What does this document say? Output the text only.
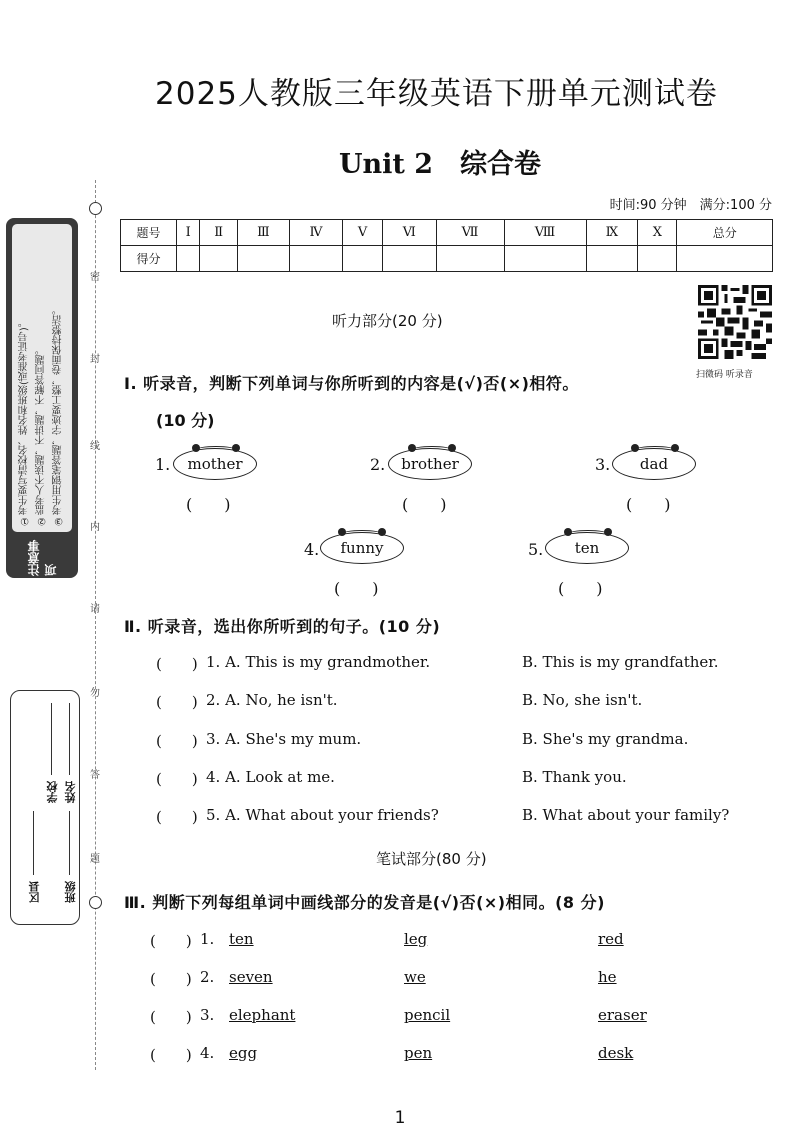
密
封
线
内
请
勿
答
题
①考生要写清校名、姓名和班级(或准考证号)。 ②监考人不读题，不讲题，不解答问题。 ③考生用钢笔答题，字迹要工整，卷面保持整洁。
注意事项
学校 姓名
区县 班级
2025人教版三年级英语下册单元测试卷
Unit 2　综合卷
时间:90 分钟　满分:100 分
题号	Ⅰ	Ⅱ	Ⅲ	Ⅳ	Ⅴ	Ⅵ	Ⅶ	Ⅷ	Ⅸ	Ⅹ	总分
得分											
扫微码 听录音
听力部分(20 分)
Ⅰ. 听录音，判断下列单词与你所听到的内容是(√)否(×)相符。
(10 分)
1.	mother
(　　)
2.	brother
(　　)
3.	dad
(　　)
4.	funny
(　　)
5.	ten
(　　)
Ⅱ. 听录音，选出你所听到的句子。(10 分)
(　　) 1. A. This is my grandmother.	B. This is my grandfather.
(　　) 2. A. No, he isn't.	B. No, she isn't.
(　　) 3. A. She's my mum.	B. She's my grandma.
(　　) 4. A. Look at me.	B. Thank you.
(　　) 5. A. What about your friends?	B. What about your family?
笔试部分(80 分)
Ⅲ. 判断下列每组单词中画线部分的发音是(√)否(×)相同。(8 分)
(　　) 1. ten	leg	red
(　　) 2. seven	we	he
(　　) 3. elephant	pencil	eraser
(　　) 4. egg	pen	desk
1
